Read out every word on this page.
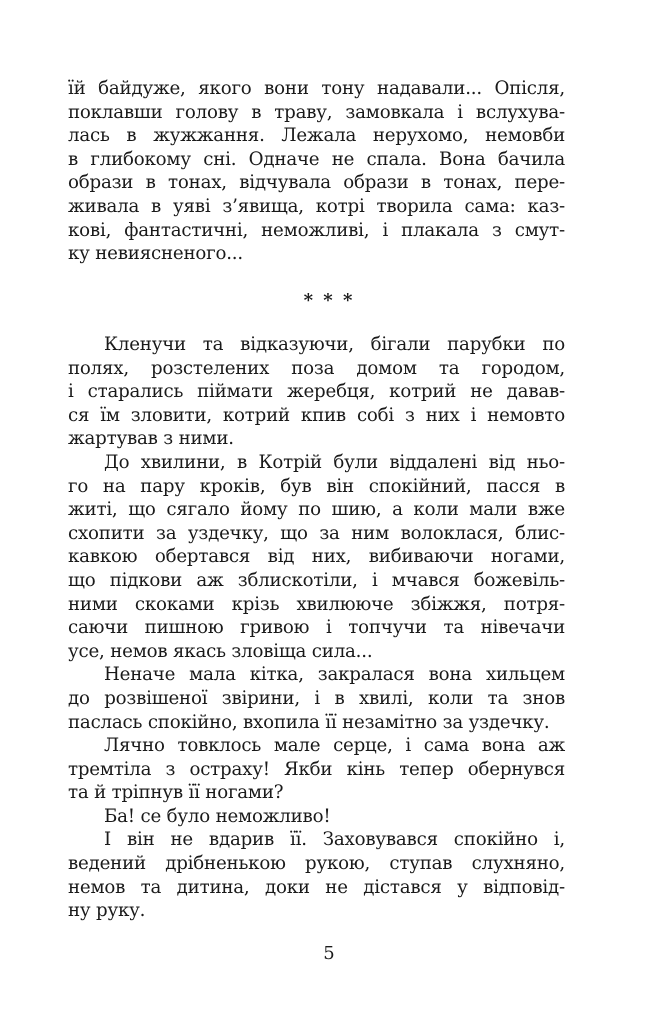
їй байдуже, якого вони тону надавали... Опісля,
поклавши голову в траву, замовкала і вслухува-
лась в жужжання. Лежала нерухомо, немовби
в глибокому сні. Одначе не спала. Вона бачила
образи в тонах, відчувала образи в тонах, пере-
живала в уяві з’явища, котрі творила сама: каз-
кові, фантастичні, неможливі, і плакала з смут-
ку невиясненого...
* * *
Кленучи та відказуючи, бігали парубки по
полях, розстелених поза домом та городом,
і старались піймати жеребця, котрий не давав-
ся їм зловити, котрий кпив собі з них і немовто
жартував з ними.
До хвилини, в Котрій були віддалені від ньо-
го на пару кроків, був він спокійний, пасся в
житі, що сягало йому по шию, а коли мали вже
схопити за уздечку, що за ним волоклася, блис-
кавкою обертався від них, вибиваючи ногами,
що підкови аж зблискотіли, і мчався божевіль-
ними скоками крізь хвилююче збіжжя, потря-
саючи пишною гривою і топчучи та нівечачи
усе, немов якась зловіща сила...
Неначе мала кітка, закралася вона хильцем
до розвішеної звірини, і в хвилі, коли та знов
паслась спокійно, вхопила її незамітно за уздечку.
Лячно товклось мале серце, і сама вона аж
тремтіла з остраху! Якби кінь тепер обернувся
та й тріпнув її ногами?
Ба! се було неможливо!
І він не вдарив її. Заховувався спокійно і,
ведений дрібненькою рукою, ступав слухняно,
немов та дитина, доки не дістався у відповід-
ну руку.
5
